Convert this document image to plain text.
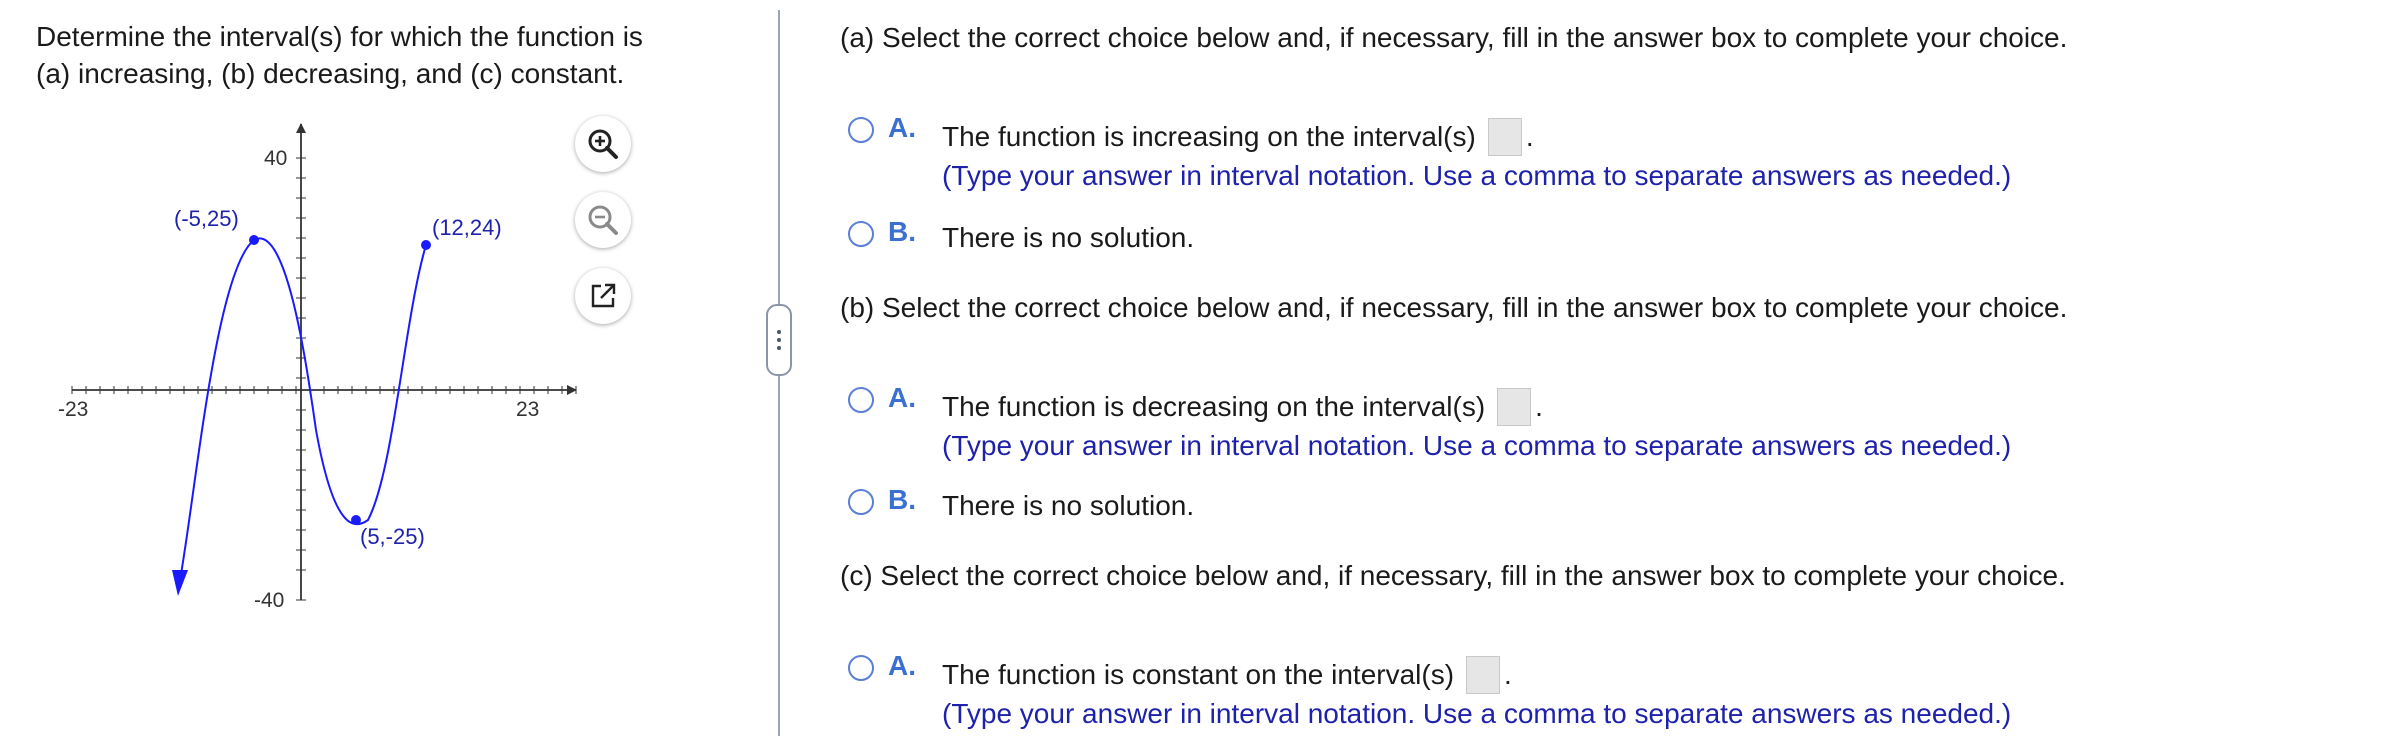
Determine the interval(s) for which the function is
(a) increasing, (b) decreasing, and (c) constant.
-23	23
40
-40
(-5,25)	(12,24)
(5,-25)
(a) Select the correct choice below and, if necessary, fill in the answer box to complete your choice.
A. The function is increasing on the interval(s) .
(Type your answer in interval notation. Use a comma to separate answers as needed.)
B. There is no solution.
(b) Select the correct choice below and, if necessary, fill in the answer box to complete your choice.
A. The function is decreasing on the interval(s) .
(Type your answer in interval notation. Use a comma to separate answers as needed.)
B. There is no solution.
(c) Select the correct choice below and, if necessary, fill in the answer box to complete your choice.
A. The function is constant on the interval(s) .
(Type your answer in interval notation. Use a comma to separate answers as needed.)
